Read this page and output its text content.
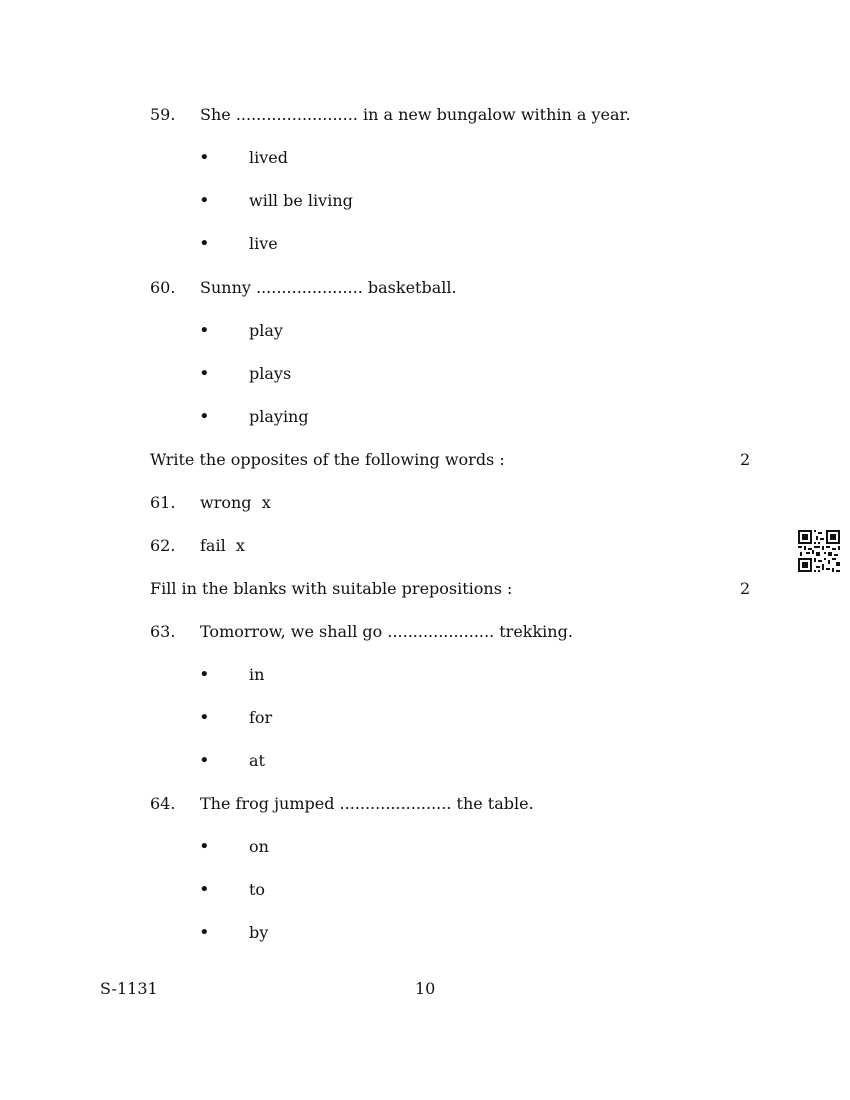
59. She ........................ in a new bungalow within a year.
• lived
• will be living
• live
60. Sunny ..................... basketball.
• play
• plays
• playing
Write the opposites of the following words :	2
61. wrong  x
62. fail  x
Fill in the blanks with suitable prepositions :	2
63. Tomorrow, we shall go ..................... trekking.
• in
• for
• at
64. The frog jumped ...................... the table.
• on
• to
• by
S-1131	10
